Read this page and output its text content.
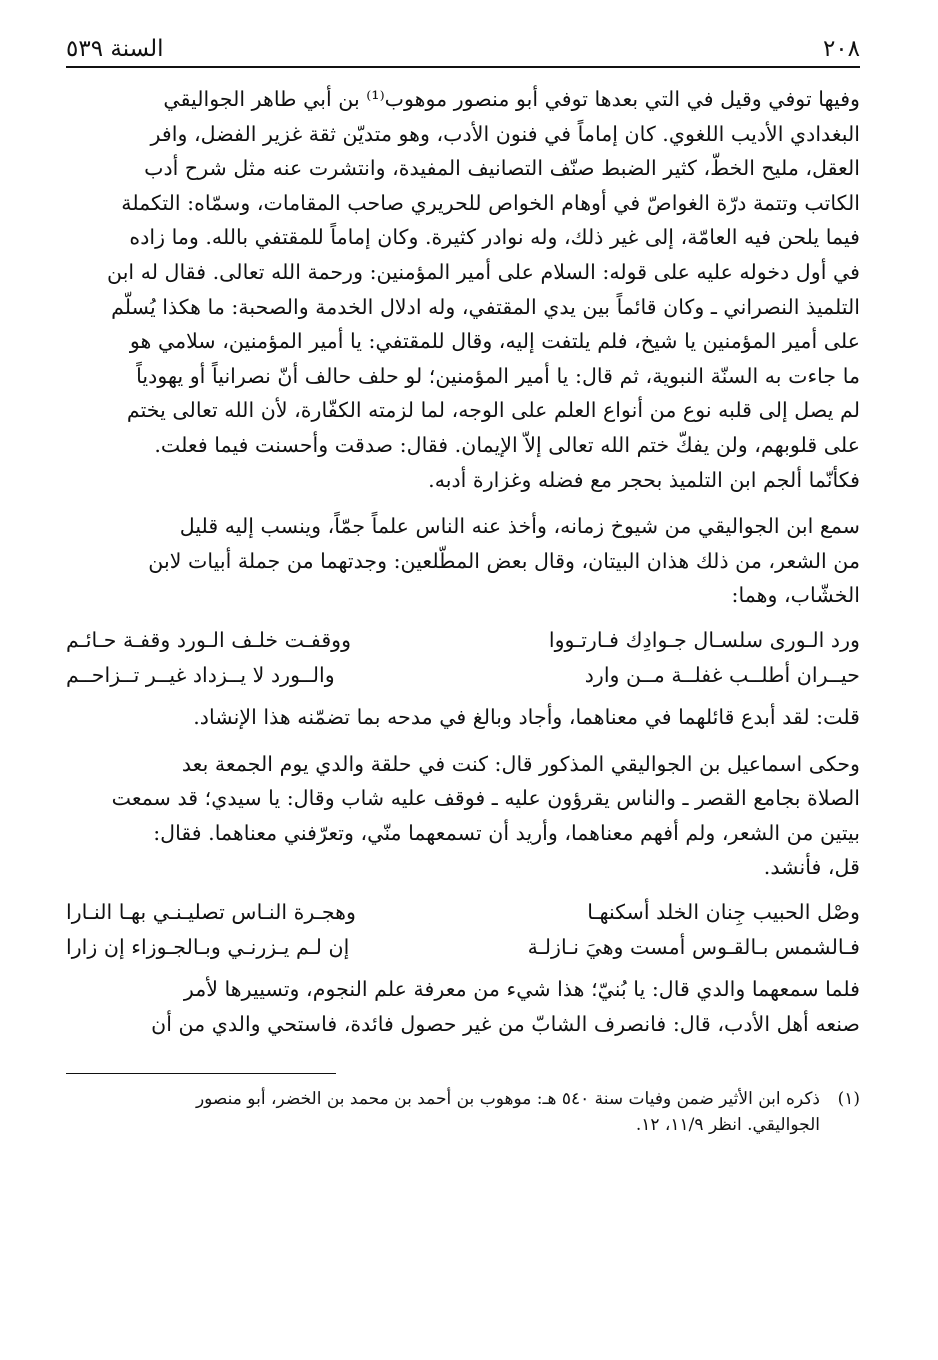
٢٠٨
السنة ٥٣٩
وفيها توفي وقيل في التي بعدها توفي أبو منصور موهوب⁽¹⁾ بن أبي طاهر الجواليقي
البغدادي الأديب اللغوي. كان إماماً في فنون الأدب، وهو متديّن ثقة غزير الفضل، وافر
العقل، مليح الخطّ، كثير الضبط صنّف التصانيف المفيدة، وانتشرت عنه مثل شرح أدب
الكاتب وتتمة درّة الغواصّ في أوهام الخواص للحريري صاحب المقامات، وسمّاه: التكملة
فيما يلحن فيه العامّة، إلى غير ذلك، وله نوادر كثيرة. وكان إماماً للمقتفي بالله. وما زاده
في أول دخوله عليه على قوله: السلام على أمير المؤمنين: ورحمة الله تعالى. فقال له ابن
التلميذ النصراني ـ وكان قائماً بين يدي المقتفي، وله ادلال الخدمة والصحبة: ما هكذا يُسلّم
على أمير المؤمنين يا شيخ، فلم يلتفت إليه، وقال للمقتفي: يا أمير المؤمنين، سلامي هو
ما جاءت به السنّة النبوية، ثم قال: يا أمير المؤمنين؛ لو حلف حالف أنّ نصرانياً أو يهودياً
لم يصل إلى قلبه نوع من أنواع العلم على الوجه، لما لزمته الكفّارة، لأن الله تعالى يختم
على قلوبهم، ولن يفكّ ختم الله تعالى إلاّ الإيمان. فقال: صدقت وأحسنت فيما فعلت.
فكأنّما ألجم ابن التلميذ بحجر مع فضله وغزارة أدبه.
سمع ابن الجواليقي من شيوخ زمانه، وأخذ عنه الناس علماً جمّاً، وينسب إليه قليل
من الشعر، من ذلك هذان البيتان، وقال بعض المطّلعين: وجدتهما من جملة أبيات لابن
الخشّاب، وهما:
ورد الـورى سلسـال جـوادِك فـارتـووا
ووقفـت خلـف الـورد وقفـة حـائـم
حيــران أطلــب غفلــة مــن وارد
والــورد لا يــزداد غيــر تــزاحــم
قلت: لقد أبدع قائلهما في معناهما، وأجاد وبالغ في مدحه بما تضمّنه هذا الإنشاد.
وحكى اسماعيل بن الجواليقي المذكور قال: كنت في حلقة والدي يوم الجمعة بعد
الصلاة بجامع القصر ـ والناس يقرؤون عليه ـ فوقف عليه شاب وقال: يا سيدي؛ قد سمعت
بيتين من الشعر، ولم أفهم معناهما، وأريد أن تسمعهما منّي، وتعرّفني معناهما. فقال:
قل، فأنشد.
وصْل الحبيب جِنان الخلد أسكنهـا
وهجـرة النـاس تصليـنـي بهـا النـارا
فـالشمس بـالقـوس أمست وهيَ نـازلـة
إن لـم يـزرنـي وبـالجـوزاء إن زارا
فلما سمعهما والدي قال: يا بُنيّ؛ هذا شيء من معرفة علم النجوم، وتسييرها لأمر
صنعه أهل الأدب، قال: فانصرف الشابّ من غير حصول فائدة، فاستحي والدي من أن
(١)
ذكره ابن الأثير ضمن وفيات سنة ٥٤٠ هـ: موهوب بن أحمد بن محمد بن الخضر، أبو منصور
الجواليقي. انظر ١١/٩، ١٢.
